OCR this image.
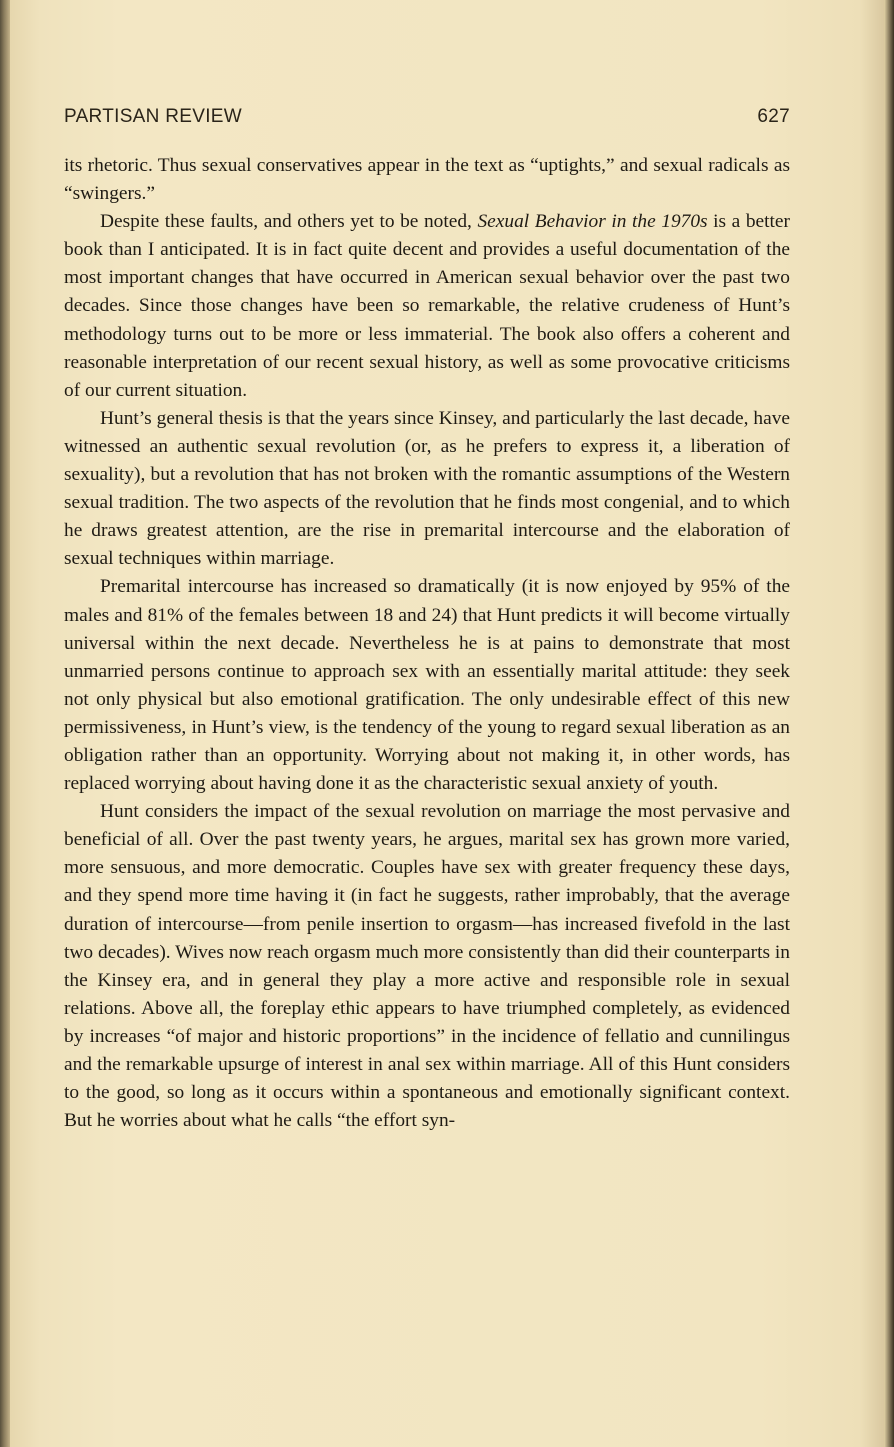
PARTISAN REVIEW	627

its rhetoric. Thus sexual conservatives appear in the text as “uptights,” and sexual radicals as “swingers.”

Despite these faults, and others yet to be noted, Sexual Behavior in the 1970s is a better book than I anticipated. It is in fact quite decent and provides a useful documentation of the most important changes that have occurred in American sexual behavior over the past two decades. Since those changes have been so remarkable, the relative crudeness of Hunt’s methodology turns out to be more or less immaterial. The book also offers a coherent and reasonable interpretation of our recent sexual history, as well as some provocative criticisms of our current situation.

Hunt’s general thesis is that the years since Kinsey, and particularly the last decade, have witnessed an authentic sexual revolution (or, as he prefers to express it, a liberation of sexuality), but a revolution that has not broken with the romantic assumptions of the Western sexual tradition. The two aspects of the revolution that he finds most congenial, and to which he draws greatest attention, are the rise in premarital intercourse and the elaboration of sexual techniques within marriage.

Premarital intercourse has increased so dramatically (it is now enjoyed by 95% of the males and 81% of the females between 18 and 24) that Hunt predicts it will become virtually universal within the next decade. Nevertheless he is at pains to demonstrate that most unmarried persons continue to approach sex with an essentially marital attitude: they seek not only physical but also emotional gratification. The only undesirable effect of this new permissiveness, in Hunt’s view, is the tendency of the young to regard sexual liberation as an obligation rather than an opportunity. Worrying about not making it, in other words, has replaced worrying about having done it as the characteristic sexual anxiety of youth.

Hunt considers the impact of the sexual revolution on marriage the most pervasive and beneficial of all. Over the past twenty years, he argues, marital sex has grown more varied, more sensuous, and more democratic. Couples have sex with greater frequency these days, and they spend more time having it (in fact he suggests, rather improbably, that the average duration of intercourse—from penile insertion to orgasm—has increased fivefold in the last two decades). Wives now reach orgasm much more consistently than did their counterparts in the Kinsey era, and in general they play a more active and responsible role in sexual relations. Above all, the foreplay ethic appears to have triumphed completely, as evidenced by increases “of major and historic proportions” in the incidence of fellatio and cunnilingus and the remarkable upsurge of interest in anal sex within marriage. All of this Hunt considers to the good, so long as it occurs within a spontaneous and emotionally significant context. But he worries about what he calls “the effort syn-
